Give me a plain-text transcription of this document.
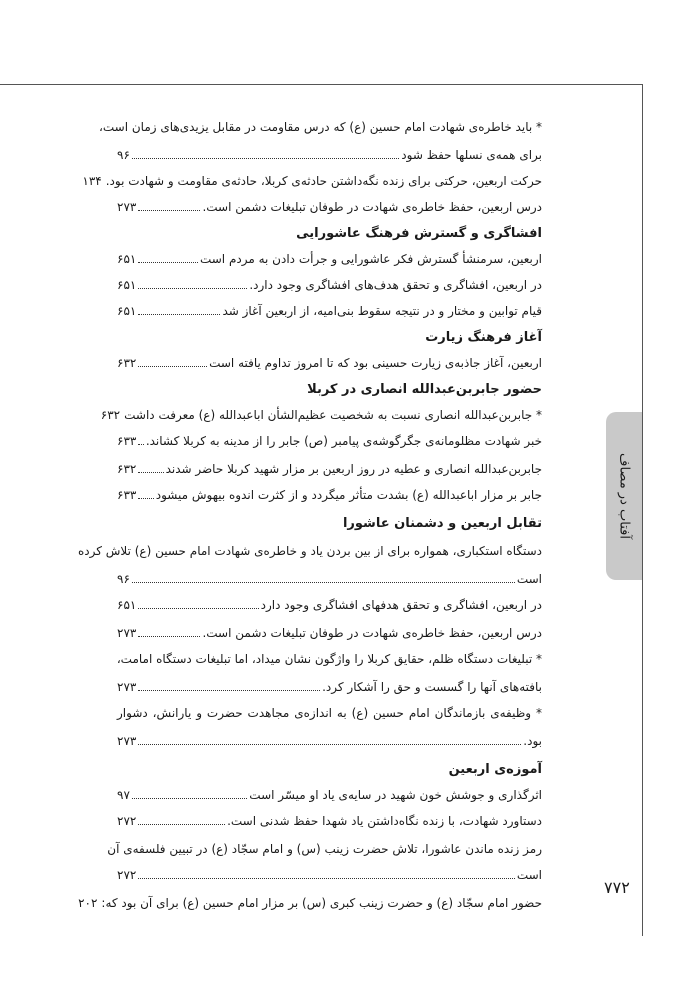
آفتاب در مصاف
۷۷۲
* باید خاطره‌ی شهادت امام حسین (ع) که درس مقاومت در مقابل یزیدی‌های زمان است،
برای همه‌ی نسلها حفظ شود
۹۶
حرکت اربعین، حرکتی برای زنده نگه‌داشتن حادثه‌ی کربلا، حادثه‌ی مقاومت و شهادت بود.
۱۳۴
درس اربعین، حفظ خاطره‌ی شهادت در طوفان تبلیغات دشمن است.
۲۷۳
افشاگری و گسترش فرهنگ عاشورایی
اربعین، سرمنشأ گسترش فکر عاشورایی و جرأت دادن به مردم است
۶۵۱
در اربعین، افشاگری و تحقق هدف‌های افشاگری وجود دارد.
۶۵۱
قیام توابین و مختار و در نتیجه سقوط بنی‌امیه، از اربعین آغاز شد
۶۵۱
آغاز فرهنگ زیارت
اربعین، آغاز جاذبه‌ی زیارت حسینی بود که تا امروز تداوم یافته است
۶۳۲
حضور جابربن‌عبدالله انصاری در کربلا
* جابربن‌عبدالله انصاری نسبت به شخصیت عظیم‌الشأن اباعبدالله (ع) معرفت داشت
۶۳۲
خبر شهادت مظلومانه‌ی جگرگوشه‌ی پیامبر (ص) جابر را از مدینه به کربلا کشاند.
۶۳۳
جابربن‌عبدالله انصاری و عطیه در روز اربعین بر مزار شهید کربلا حاضر شدند
۶۳۲
جابر بر مزار اباعبدالله (ع) بشدت متأثر میگردد و از کثرت اندوه بیهوش میشود
۶۳۳
تقابل اربعین و دشمنان عاشورا
دستگاه استکباری، همواره برای از بین بردن یاد و خاطره‌ی شهادت امام حسین (ع) تلاش کرده
است
۹۶
در اربعین، افشاگری و تحقق هدفهای افشاگری وجود دارد
۶۵۱
درس اربعین، حفظ خاطره‌ی شهادت در طوفان تبلیغات دشمن است.
۲۷۳
* تبلیغات دستگاه ظلم، حقایق کربلا را واژگون نشان میداد، اما تبلیغات دستگاه امامت،
بافته‌های آنها را گسست و حق را آشکار کرد.
۲۷۳
* وظیفه‌ی بازماندگان امام حسین (ع) به اندازه‌ی مجاهدت حضرت و یارانش، دشوار
بود.
۲۷۳
آموزه‌ی اربعین
اثرگذاری و جوشش خون شهید در سایه‌ی یاد او میسّر است
۹۷
دستاورد شهادت، با زنده نگاه‌داشتن یاد شهدا حفظ شدنی است.
۲۷۲
رمز زنده ماندن عاشورا، تلاش حضرت زینب (س) و امام سجّاد (ع) در تبیین فلسفه‌ی آن
است
۲۷۲
حضور امام سجّاد (ع) و حضرت زینب کبری (س) بر مزار امام حسین (ع) برای آن بود که:
۲۰۲
